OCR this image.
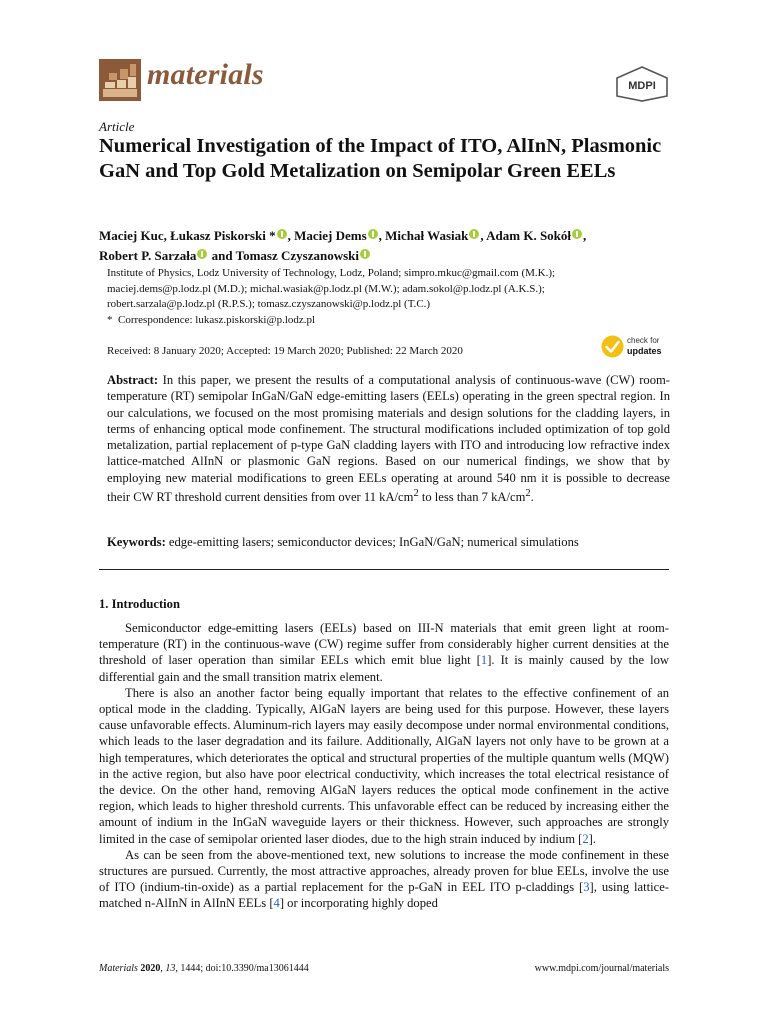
materials	MDPI
Article
Numerical Investigation of the Impact of ITO, AlInN, Plasmonic GaN and Top Gold Metalization on Semipolar Green EELs
Maciej Kuc, Łukasz Piskorski * , Maciej Dems , Michał Wasiak , Adam K. Sokół ,
Robert P. Sarzała and Tomasz Czyszanowski
Institute of Physics, Lodz University of Technology, Lodz, Poland; simpro.mkuc@gmail.com (M.K.);
maciej.dems@p.lodz.pl (M.D.); michal.wasiak@p.lodz.pl (M.W.); adam.sokol@p.lodz.pl (A.K.S.);
robert.sarzala@p.lodz.pl (R.P.S.); tomasz.czyszanowski@p.lodz.pl (T.C.)
* Correspondence: lukasz.piskorski@p.lodz.pl
Received: 8 January 2020; Accepted: 19 March 2020; Published: 22 March 2020
check for
updates

Abstract: In this paper, we present the results of a computational analysis of continuous-wave (CW) room-temperature (RT) semipolar InGaN/GaN edge-emitting lasers (EELs) operating in the green spectral region. In our calculations, we focused on the most promising materials and design solutions for the cladding layers, in terms of enhancing optical mode confinement. The structural modifications included optimization of top gold metalization, partial replacement of p-type GaN cladding layers with ITO and introducing low refractive index lattice-matched AlInN or plasmonic GaN regions. Based on our numerical findings, we show that by employing new material modifications to green EELs operating at around 540 nm it is possible to decrease their CW RT threshold current densities from over 11 $kA/cm^2$ to less than 7 $kA/cm^2$.

Keywords: edge-emitting lasers; semiconductor devices; InGaN/GaN; numerical simulations
1. Introduction

Semiconductor edge-emitting lasers (EELs) based on III-N materials that emit green light at room-temperature (RT) in the continuous-wave (CW) regime suffer from considerably higher current densities at the threshold of laser operation than similar EELs which emit blue light [1]. It is mainly caused by the low differential gain and the small transition matrix element.

There is also an another factor being equally important that relates to the effective confinement of an optical mode in the cladding. Typically, AlGaN layers are being used for this purpose. However, these layers cause unfavorable effects. Aluminum-rich layers may easily decompose under normal environmental conditions, which leads to the laser degradation and its failure. Additionally, AlGaN layers not only have to be grown at a high temperatures, which deteriorates the optical and structural properties of the multiple quantum wells (MQW) in the active region, but also have poor electrical conductivity, which increases the total electrical resistance of the device. On the other hand, removing AlGaN layers reduces the optical mode confinement in the active region, which leads to higher threshold currents. This unfavorable effect can be reduced by increasing either the amount of indium in the InGaN waveguide layers or their thickness. However, such approaches are strongly limited in the case of semipolar oriented laser diodes, due to the high strain induced by indium [2].

As can be seen from the above-mentioned text, new solutions to increase the mode confinement in these structures are pursued. Currently, the most attractive approaches, already proven for blue EELs, involve the use of ITO (indium-tin-oxide) as a partial replacement for the p-GaN in EEL ITO p-claddings [3], using lattice-matched n-AlInN in AlInN EELs [4] or incorporating highly doped

Materials 2020, 13, 1444; doi:10.3390/ma13061444	www.mdpi.com/journal/materials
